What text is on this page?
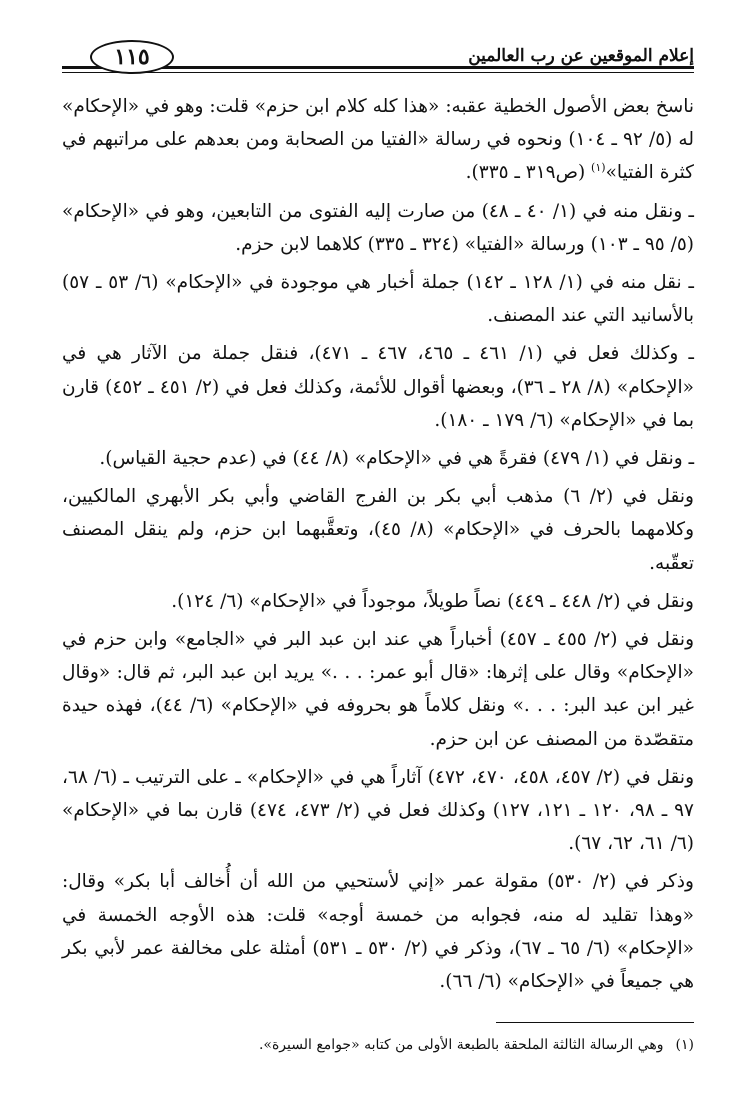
إعلام الموقعين عن رب العالمين
١١٥

ناسخ بعض الأصول الخطية عقبه: «هذا كله كلام ابن حزم» قلت: وهو في «الإحكام» له (٥/ ٩٢ ـ ١٠٤) ونحوه في رسالة «الفتيا من الصحابة ومن بعدهم على مراتبهم في كثرة الفتيا»$^{(١)}$ (ص٣١٩ ـ ٣٣٥).

ـ ونقل منه في (١/ ٤٠ ـ ٤٨) من صارت إليه الفتوى من التابعين، وهو في «الإحكام» (٥/ ٩٥ ـ ١٠٣) ورسالة «الفتيا» (٣٢٤ ـ ٣٣٥) كلاهما لابن حزم.

ـ نقل منه في (١/ ١٢٨ ـ ١٤٢) جملة أخبار هي موجودة في «الإحكام» (٦/ ٥٣ ـ ٥٧) بالأسانيد التي عند المصنف.

ـ وكذلك فعل في (١/ ٤٦١ ـ ٤٦٥، ٤٦٧ ـ ٤٧١)، فنقل جملة من الآثار هي في «الإحكام» (٨/ ٢٨ ـ ٣٦)، وبعضها أقوال للأئمة، وكذلك فعل في (٢/ ٤٥١ ـ ٤٥٢) قارن بما في «الإحكام» (٦/ ١٧٩ ـ ١٨٠).

ـ ونقل في (١/ ٤٧٩) فقرةً هي في «الإحكام» (٨/ ٤٤) في (عدم حجية القياس).

ونقل في (٢/ ٦) مذهب أبي بكر بن الفرج القاضي وأبي بكر الأبهري المالكيين، وكلامهما بالحرف في «الإحكام» (٨/ ٤٥)، وتعقَّبهما ابن حزم، ولم ينقل المصنف تعقّبه.

ونقل في (٢/ ٤٤٨ ـ ٤٤٩) نصاً طويلاً، موجوداً في «الإحكام» (٦/ ١٢٤).

ونقل في (٢/ ٤٥٥ ـ ٤٥٧) أخباراً هي عند ابن عبد البر في «الجامع» وابن حزم في «الإحكام» وقال على إثرها: «قال أبو عمر: . . .» يريد ابن عبد البر، ثم قال: «وقال غير ابن عبد البر: . . .» ونقل كلاماً هو بحروفه في «الإحكام» (٦/ ٤٤)، فهذه حيدة متقصّدة من المصنف عن ابن حزم.

ونقل في (٢/ ٤٥٧، ٤٥٨، ٤٧٠، ٤٧٢) آثاراً هي في «الإحكام» ـ على الترتيب ـ (٦/ ٦٨، ٩٧ ـ ٩٨، ١٢٠ ـ ١٢١، ١٢٧) وكذلك فعل في (٢/ ٤٧٣، ٤٧٤) قارن بما في «الإحكام» (٦/ ٦١، ٦٢، ٦٧).

وذكر في (٢/ ٥٣٠) مقولة عمر «إني لأستحيي من الله أن أُخالف أبا بكر» وقال: «وهذا تقليد له منه، فجوابه من خمسة أوجه» قلت: هذه الأوجه الخمسة في «الإحكام» (٦/ ٦٥ ـ ٦٧)، وذكر في (٢/ ٥٣٠ ـ ٥٣١) أمثلة على مخالفة عمر لأبي بكر هي جميعاً في «الإحكام» (٦/ ٦٦).

(١)وهي الرسالة الثالثة الملحقة بالطبعة الأولى من كتابه «جوامع السيرة».
